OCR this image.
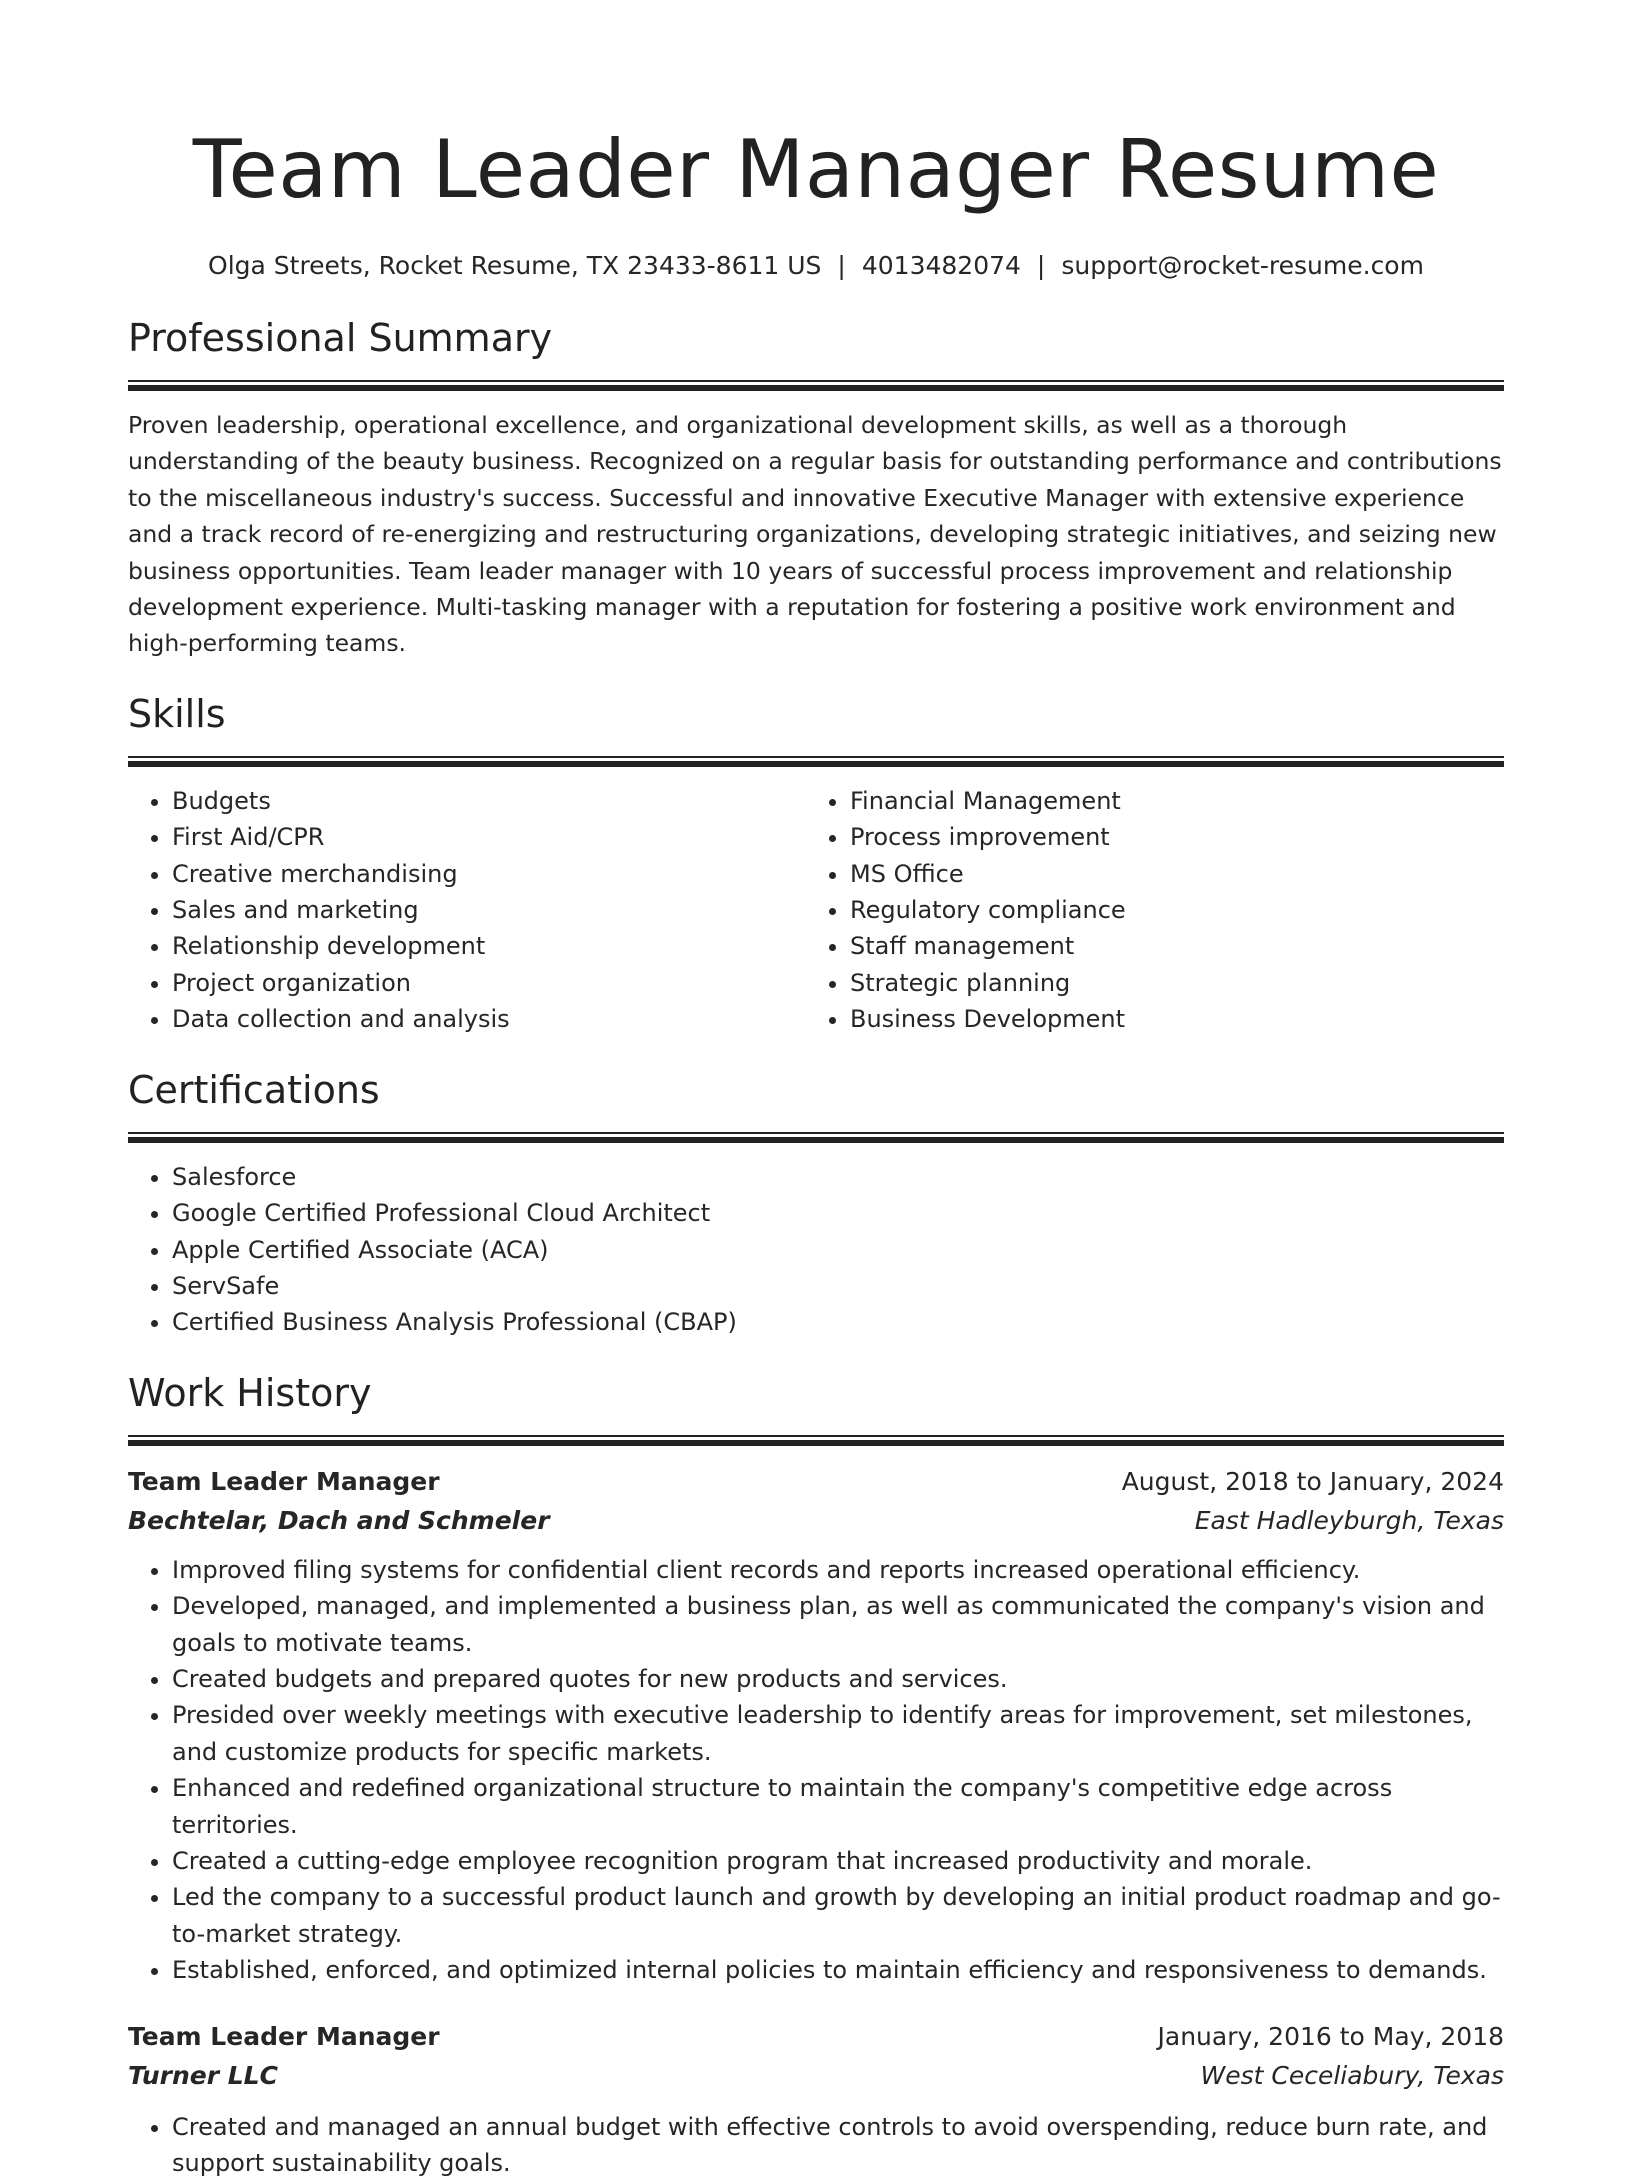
Team Leader Manager Resume
Olga Streets, Rocket Resume, TX 23433-8611 US | 4013482074 | support@rocket-resume.com
Professional Summary

Proven leadership, operational excellence, and organizational development skills, as well as a thorough understanding of the beauty business. Recognized on a regular basis for outstanding performance and contributions to the miscellaneous industry's success. Successful and innovative Executive Manager with extensive experience and a track record of re-energizing and restructuring organizations, developing strategic initiatives, and seizing new business opportunities. Team leader manager with 10 years of successful process improvement and relationship development experience. Multi-tasking manager with a reputation for fostering a positive work environment and high-performing teams.

Skills
• Budgets
• First Aid/CPR
• Creative merchandising
• Sales and marketing
• Relationship development
• Project organization
• Data collection and analysis
• Financial Management
• Process improvement
• MS Office
• Regulatory compliance
• Staff management
• Strategic planning
• Business Development
Certifications
• Salesforce
• Google Certified Professional Cloud Architect
• Apple Certified Associate (ACA)
• ServSafe
• Certified Business Analysis Professional (CBAP)
Work History
Team Leader Manager	August, 2018 to January, 2024
Bechtelar, Dach and Schmeler	East Hadleyburgh, Texas
• Improved filing systems for confidential client records and reports increased operational efficiency.
• Developed, managed, and implemented a business plan, as well as communicated the company's vision and goals to motivate teams.
• Created budgets and prepared quotes for new products and services.
• Presided over weekly meetings with executive leadership to identify areas for improvement, set milestones, and customize products for specific markets.
• Enhanced and redefined organizational structure to maintain the company's competitive edge across territories.
• Created a cutting-edge employee recognition program that increased productivity and morale.
• Led the company to a successful product launch and growth by developing an initial product roadmap and go-to-market strategy.
• Established, enforced, and optimized internal policies to maintain efficiency and responsiveness to demands.
Team Leader Manager	January, 2016 to May, 2018
Turner LLC	West Ceceliabury, Texas
• Created and managed an annual budget with effective controls to avoid overspending, reduce burn rate, and support sustainability goals.
